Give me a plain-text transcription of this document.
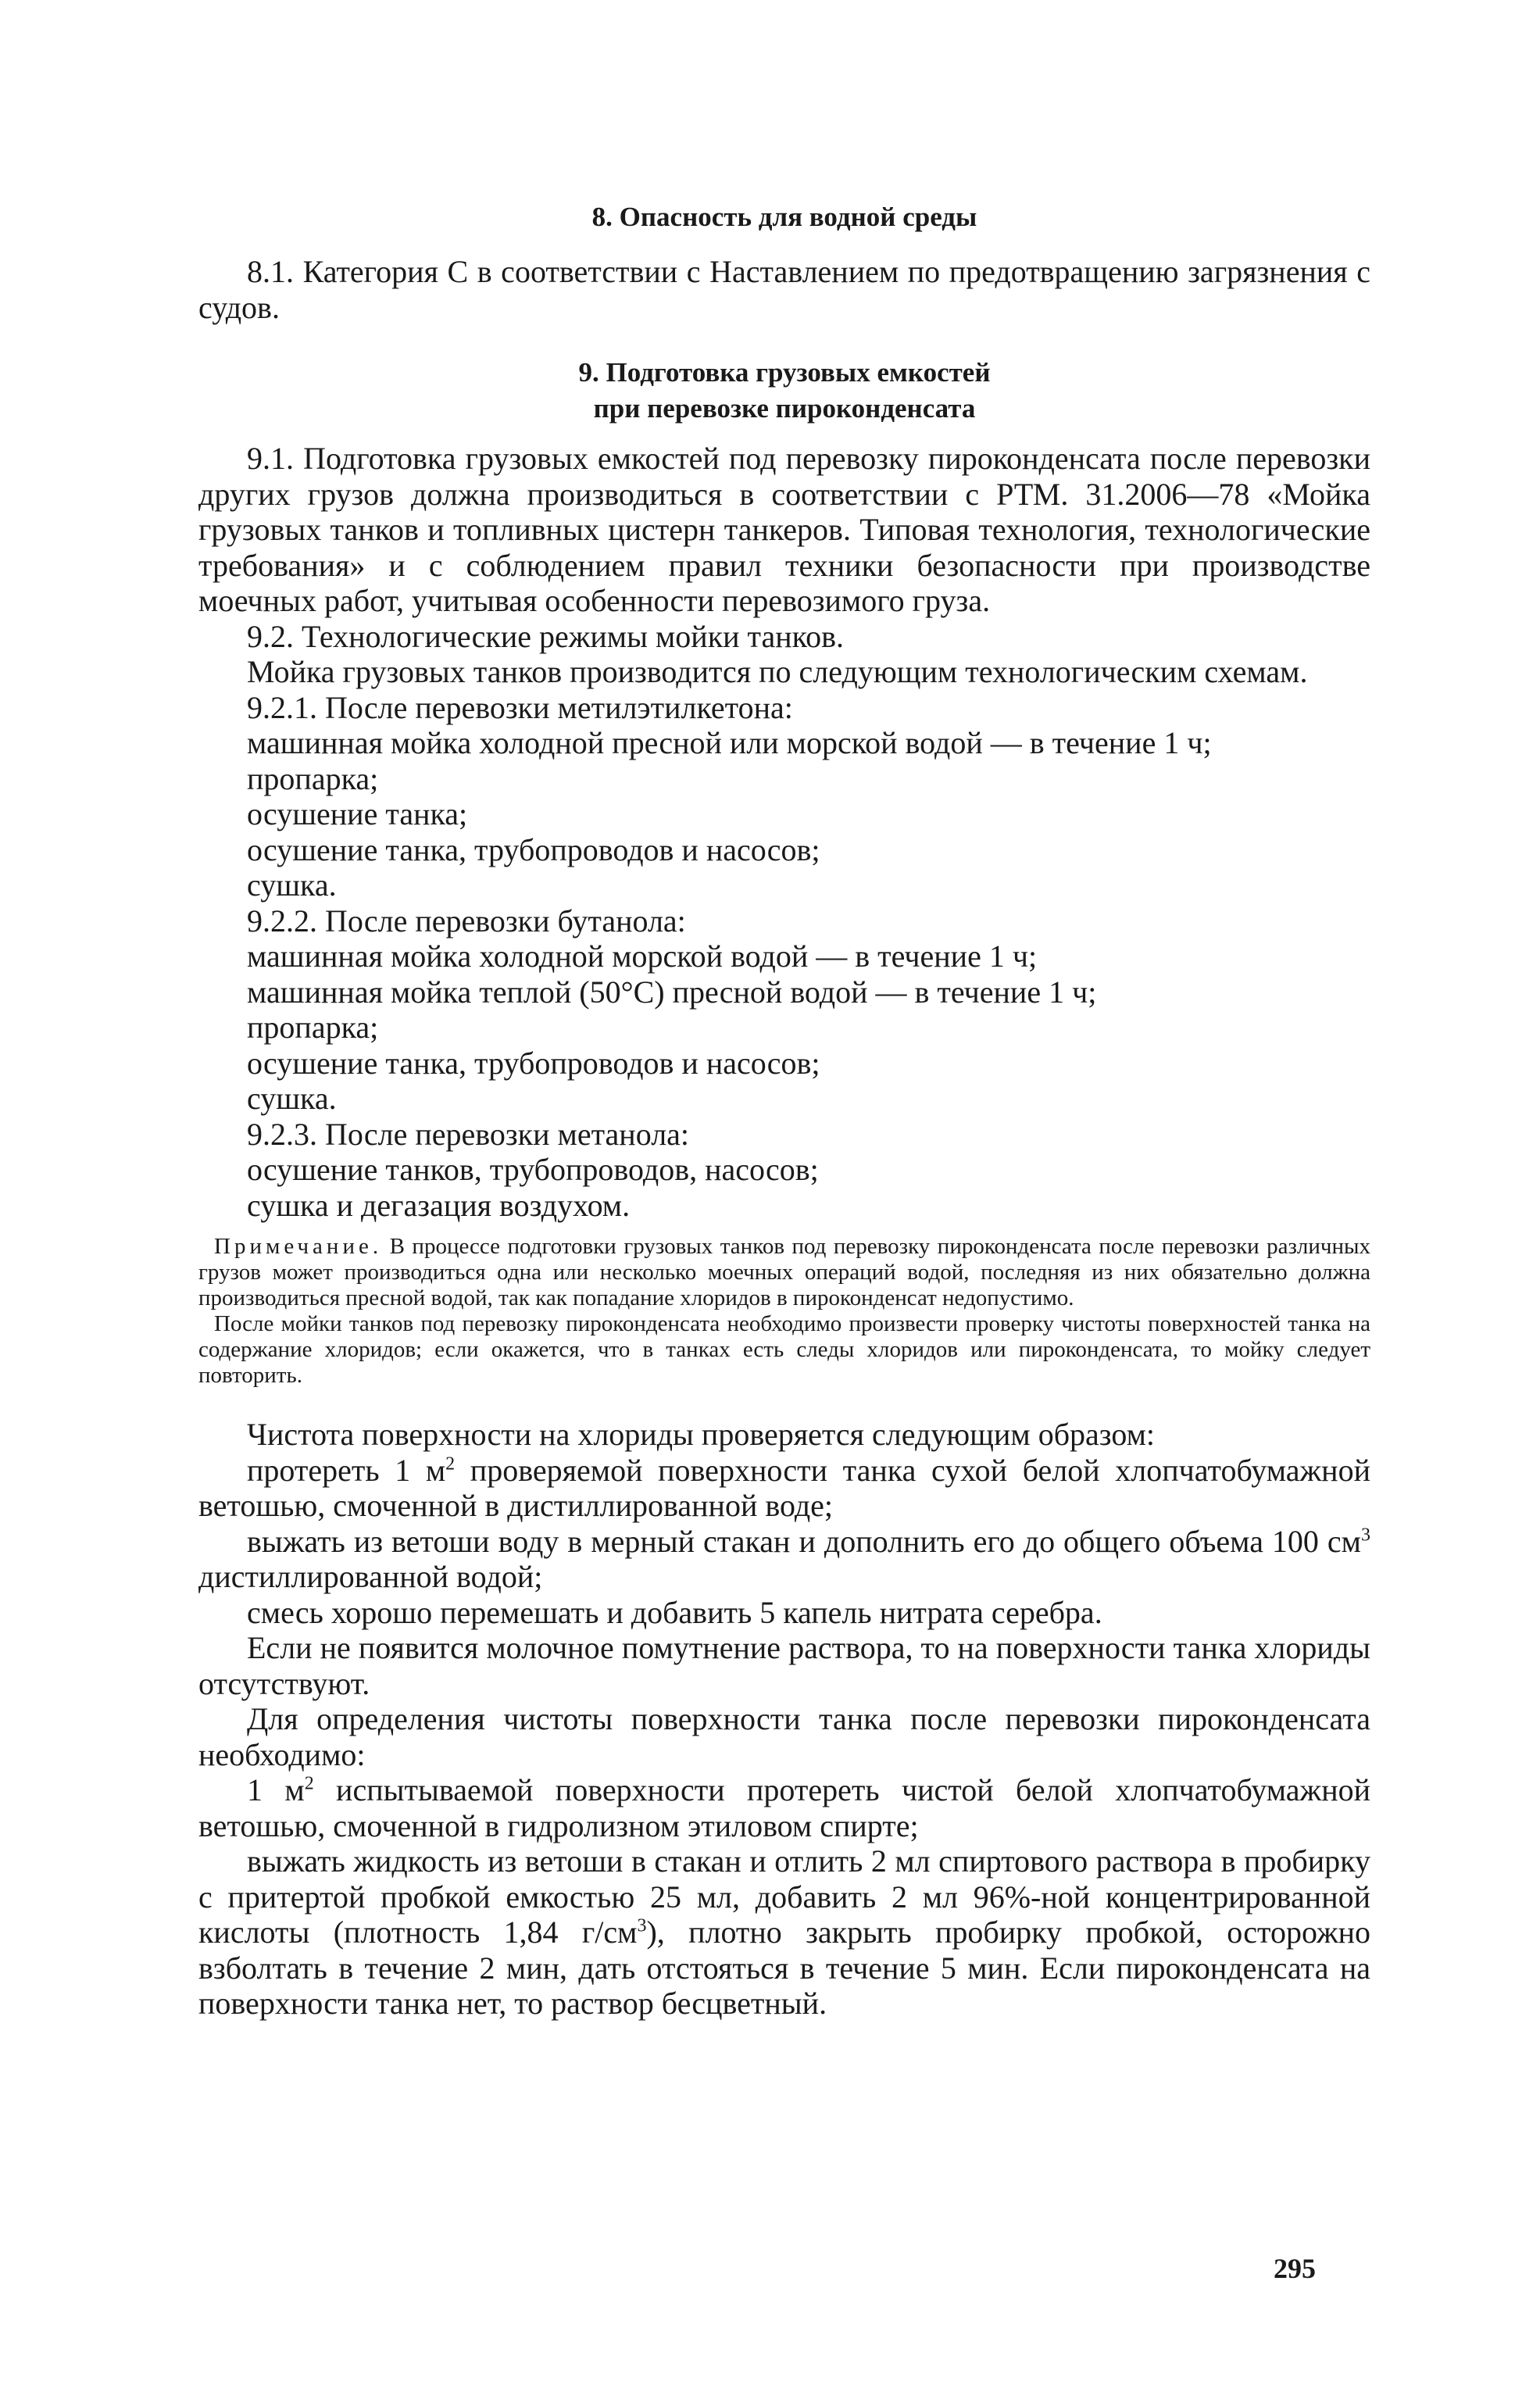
8. Опасность для водной среды

8.1. Категория С в соответствии с Наставлением по предотвращению загрязнения с судов.

9. Подготовка грузовых емкостей
при перевозке пироконденсата

9.1. Подготовка грузовых емкостей под перевозку пироконденсата после перевозки других грузов должна производиться в соответствии с РТМ. 31.2006—78 «Мойка грузовых танков и топливных цистерн танкеров. Типовая технология, технологические требования» и с соблюдением правил техники безопасности при производстве моечных работ, учитывая особенности перевозимого груза.

9.2. Технологические режимы мойки танков.

Мойка грузовых танков производится по следующим технологическим схемам.

9.2.1. После перевозки метилэтилкетона:

машинная мойка холодной пресной или морской водой — в течение 1 ч;

пропарка;

осушение танка;

осушение танка, трубопроводов и насосов;

сушка.

9.2.2. После перевозки бутанола:

машинная мойка холодной морской водой — в течение 1 ч;

машинная мойка теплой (50°С) пресной водой — в течение 1 ч;

пропарка;

осушение танка, трубопроводов и насосов;

сушка.

9.2.3. После перевозки метанола:

осушение танков, трубопроводов, насосов;

сушка и дегазация воздухом.

Примечание. В процессе подготовки грузовых танков под перевозку пироконденсата после перевозки различных грузов может производиться одна или несколько моечных операций водой, последняя из них обязательно должна производиться пресной водой, так как попадание хлоридов в пироконденсат недопустимо.

После мойки танков под перевозку пироконденсата необходимо произвести проверку чистоты поверхностей танка на содержание хлоридов; если окажется, что в танках есть следы хлоридов или пироконденсата, то мойку следует повторить.

Чистота поверхности на хлориды проверяется следующим образом:

протереть 1 $м^2$ проверяемой поверхности танка сухой белой хлопчатобумажной ветошью, смоченной в дистиллированной воде;

выжать из ветоши воду в мерный стакан и дополнить его до общего объема 100 $см^3$ дистиллированной водой;

смесь хорошо перемешать и добавить 5 капель нитрата серебра.

Если не появится молочное помутнение раствора, то на поверхности танка хлориды отсутствуют.

Для определения чистоты поверхности танка после перевозки пироконденсата необходимо:

1 $м^2$ испытываемой поверхности протереть чистой белой хлопчатобумажной ветошью, смоченной в гидролизном этиловом спирте;

выжать жидкость из ветоши в стакан и отлить 2 мл спиртового раствора в пробирку с притертой пробкой емкостью 25 мл, добавить 2 мл 96%-ной концентрированной кислоты (плотность 1,84 $г/см^3$), плотно закрыть пробирку пробкой, осторожно взболтать в течение 2 мин, дать отстояться в течение 5 мин. Если пироконденсата на поверхности танка нет, то раствор бесцветный.

295
